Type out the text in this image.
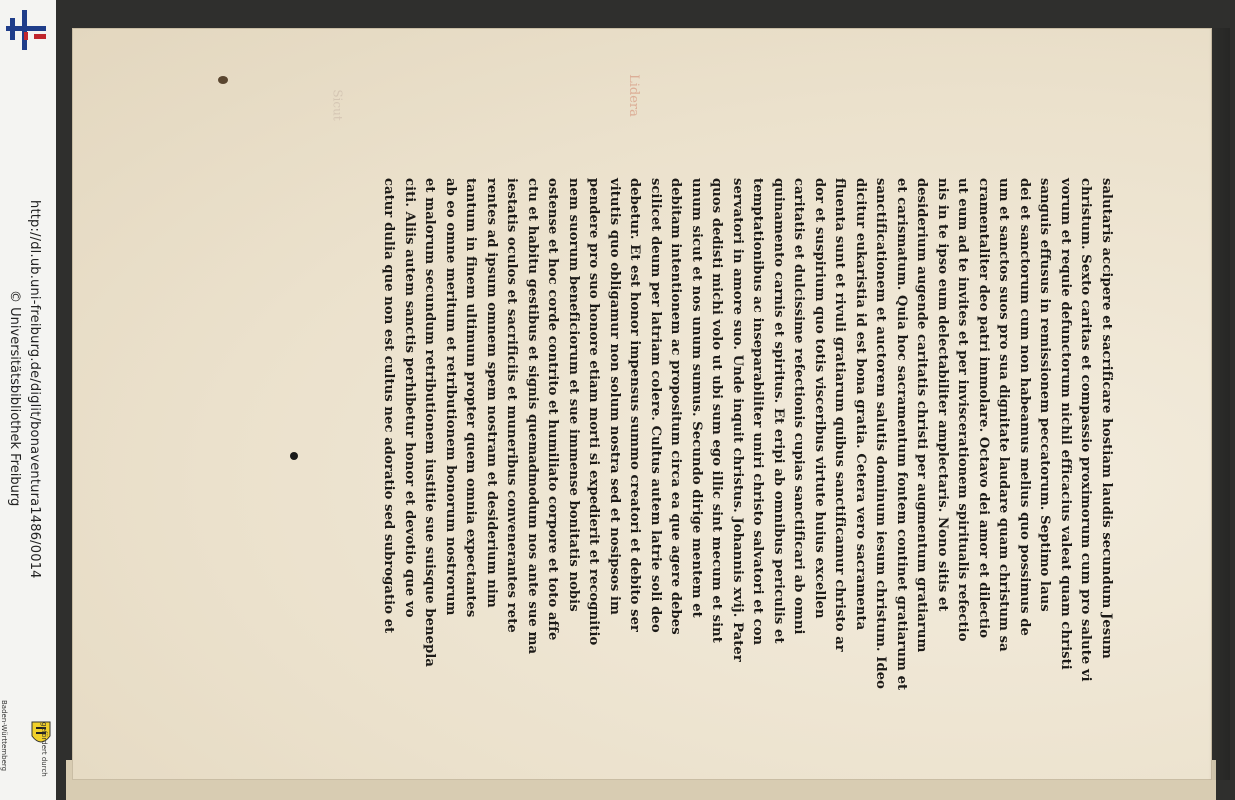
http://dl.ub.uni-freiburg.de/diglit/bonaventura1486/0014
© Universitätsbibliothek Freiburg
gefördert durch
Baden-Württemberg
Lidera
Sicut
salutaris accipere et sacrificare hostiam laudis secundum Jesum
christum. Sexto caritas et compassio proximorum cum pro salute vi
vorum et requie defunctorum nichil efficacius valeat quam christi
sanguis effusus in remissionem peccatorum. Septimo laus
dei et sanctorum cum non habeamus melius quo possimus de
um et sanctos suos pro sua dignitate laudare quam christum sa
cramentaliter deo patri immolare. Octavo dei amor et dilectio
ut eum ad te invites et per inviscerationem spiritualis refectio
nis in te ipso eum delectabiliter amplectaris. Nono sitis et
desiderium augende caritatis christi per augmentum gratiarum
et carismatum. Quia hoc sacramentum fontem continet gratiarum et
sanctificationem et auctorem salutis dominum iesum christum. Ideo
dicitur eukaristia id est bona gratia. Cetera vero sacramenta
fluenta sunt et rivuli gratiarum quibus sanctificamur christo ar
dor et suspirium quo totis visceribus virtute huius excellen
caritatis et dulcissime refectionis cupias sanctificari ab omni
quinamento carnis et spiritus. Et eripi ab omnibus periculis et
temptationibus ac inseparabiliter uniri christo salvatori et con
servatori in amore suo. Unde inquit christus. Johannis xvij. Pater
quos dedisti michi volo ut ubi sum ego illic sint mecum et sint
unum sicut et nos unum sumus. Secundo dirige mentem et
debitam intentionem ac propositum circa ea que agere debes
scilicet deum per latriam colere. Cultus autem latrie soli deo
debetur. Et est honor impensus summo creatori et debito ser
vitutis quo obligamur non solum nostra sed et nosipsos im
pendere pro suo honore etiam morti si expedierit et recognitio
nem suorum beneficiorum et sue immense bonitatis nobis
ostense et hoc corde contrito et humiliato corpore et toto affe
ctu et habitu gestibus et signis quemadmodum nos ante sue ma
iestatis oculos et sacrificiis et muneribus convenerantes rete
rentes ad ipsum omnem spem nostram et desiderium nim
tantum in finem ultimum propter quem omnia expectantes
ab eo omne meritum et retributionem bonorum nostrorum
et malorum secundum retributionem iustitie sue suisque benepla
citi. Aliis autem sanctis perhibetur honor et devotio que vo
catur dulia que non est cultus nec adoratio sed subrogatio et
